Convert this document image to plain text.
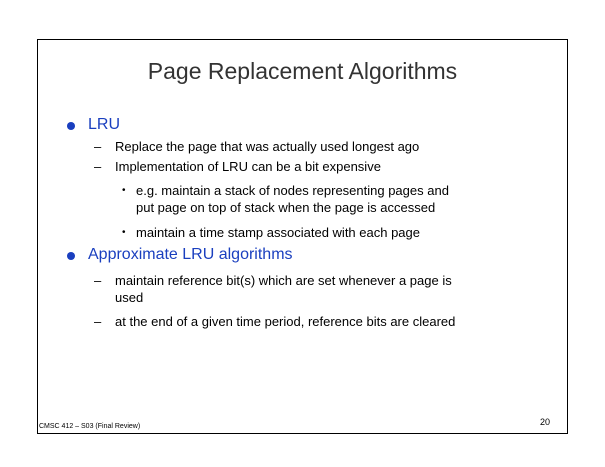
Page Replacement Algorithms
LRU
– Replace the page that was actually used longest ago
– Implementation of LRU can be a bit expensive
• e.g. maintain a stack of nodes representing pages and
put page on top of stack when the page is accessed
• maintain a time stamp associated with each page
Approximate LRU algorithms
– maintain reference bit(s) which are set whenever a page is
used
– at the end of a given time period, reference bits are cleared
CMSC 412 – S03 (Final Review)	20
